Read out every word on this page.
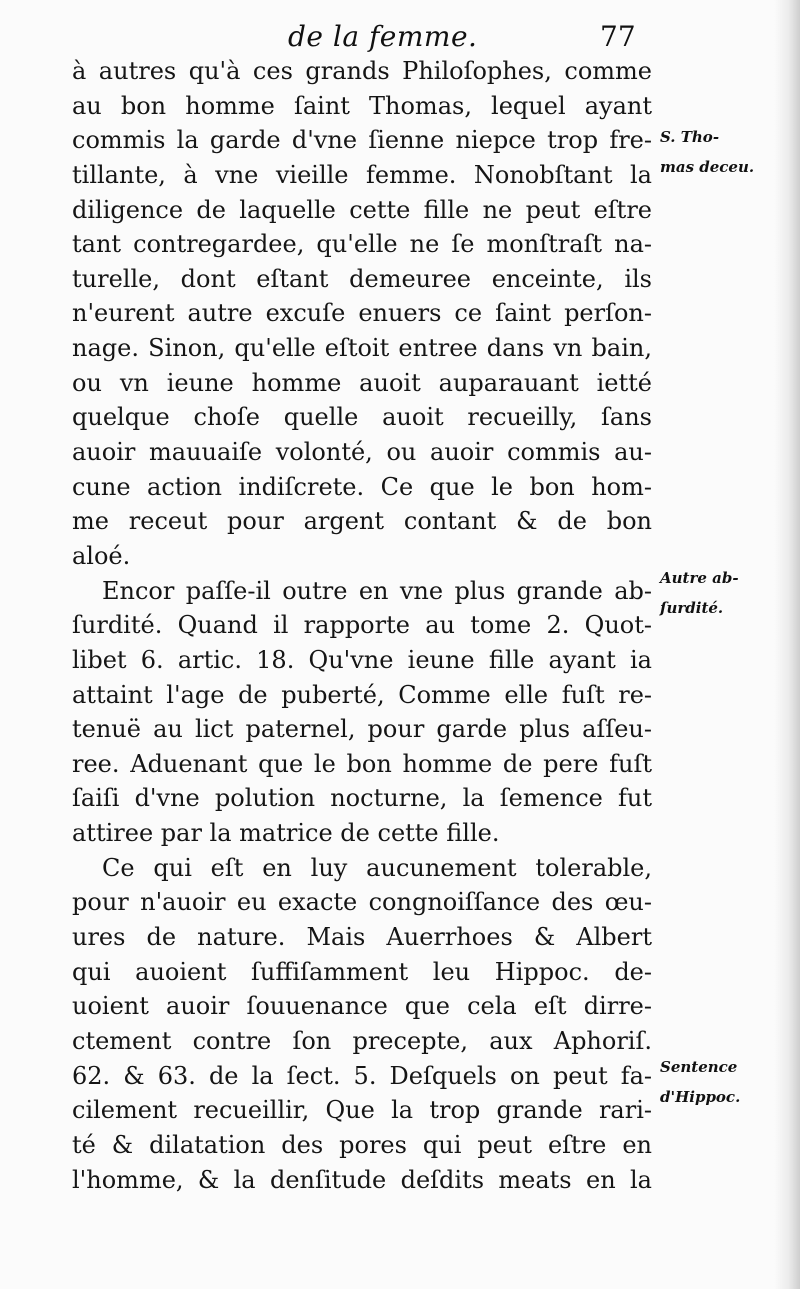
de la femme.	77
à autres qu'à ces grands Philoſophes, comme
au bon homme ſaint Thomas, lequel ayant
commis la garde d'vne ſienne niepce trop fre-
tillante, à vne vieille femme. Nonobſtant la
diligence de laquelle cette fille ne peut eſtre
tant contregardee, qu'elle ne ſe monſtraſt na-
turelle, dont eſtant demeuree enceinte, ils
n'eurent autre excuſe enuers ce ſaint perſon-
nage. Sinon, qu'elle eſtoit entree dans vn bain,
ou vn ieune homme auoit auparauant ietté
quelque choſe quelle auoit recueilly, ſans
auoir mauuaiſe volonté, ou auoir commis au-
cune action indiſcrete. Ce que le bon hom-
me receut pour argent contant & de bon
aloé.
Encor paſſe-il outre en vne plus grande ab-
ſurdité. Quand il rapporte au tome 2. Quot-
libet 6. artic. 18. Qu'vne ieune fille ayant ia
attaint l'age de puberté, Comme elle fuſt re-
tenuë au lict paternel, pour garde plus aſſeu-
ree. Aduenant que le bon homme de pere fuſt
ſaiſi d'vne polution nocturne, la ſemence fut
attiree par la matrice de cette fille.
Ce qui eſt en luy aucunement tolerable,
pour n'auoir eu exacte congnoiſſance des œu-
ures de nature. Mais Auerrhoes & Albert
qui auoient ſuffiſamment leu Hippoc. de-
uoient auoir ſouuenance que cela eſt dirre-
ctement contre ſon precepte, aux Aphoriſ.
62. & 63. de la ſect. 5. Deſquels on peut fa-
cilement recueillir, Que la trop grande rari-
té & dilatation des pores qui peut eſtre en
l'homme, & la denſitude deſdits meats en la
S. Tho-
mas deceu.
Autre ab-
ſurdité.
Sentence
d'Hippoc.
